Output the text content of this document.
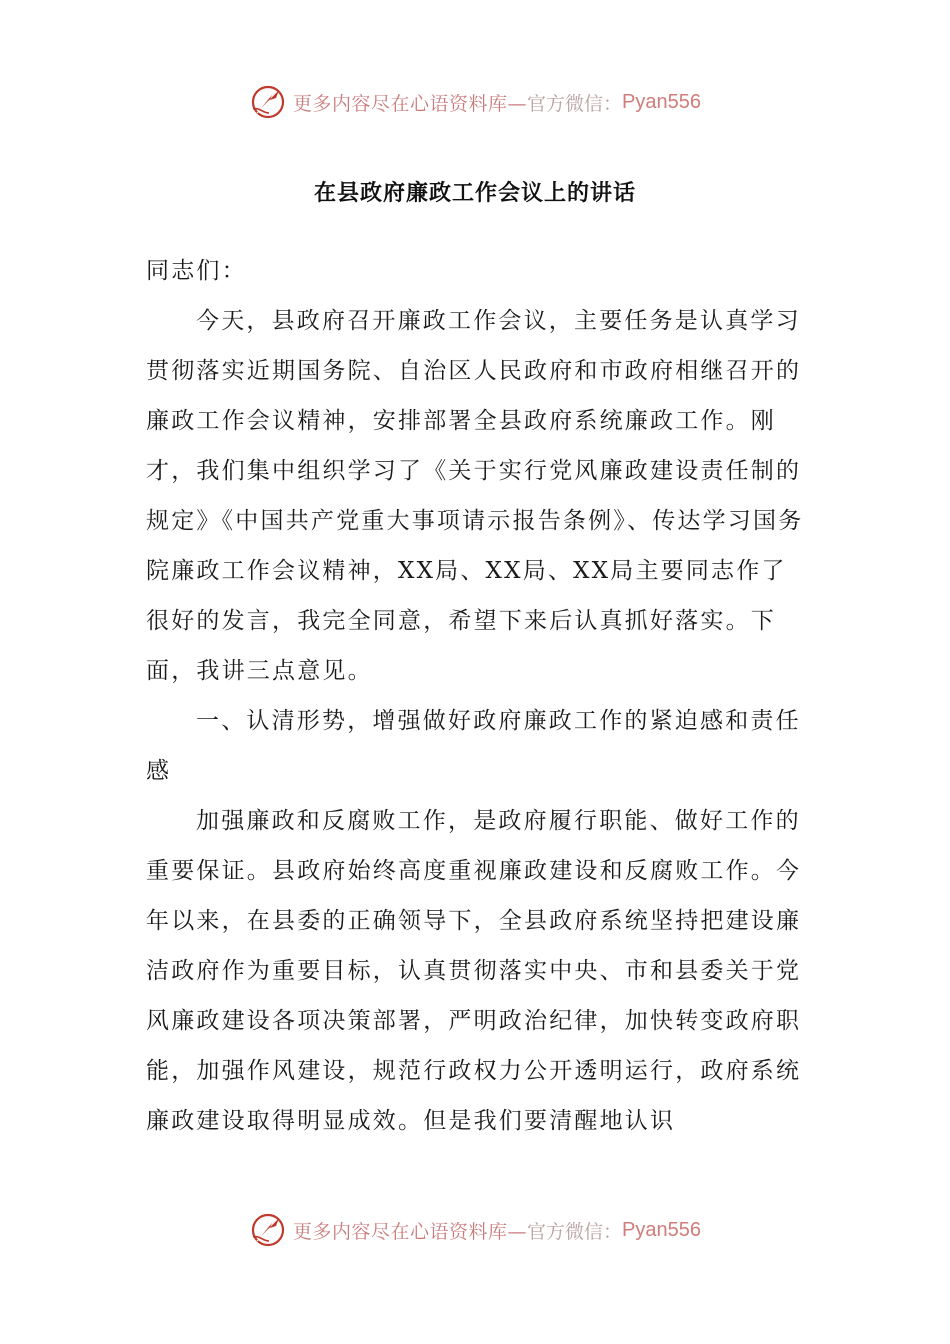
更多内容尽在心语资料库— 官方微信： Pyan556
在县政府廉政工作会议上的讲话

同志们：

今天，县政府召开廉政工作会议，主要任务是认真学习贯彻落实近期国务院、自治区人民政府和市政府相继召开的廉政工作会议精神，安排部署全县政府系统廉政工作。刚才，我们集中组织学习了《关于实行党风廉政建设责任制的规定》《中国共产党重大事项请示报告条例》、传达学习国务院廉政工作会议精神，XX局、XX局、XX局主要同志作了很好的发言，我完全同意，希望下来后认真抓好落实。下面，我讲三点意见。

一、认清形势，增强做好政府廉政工作的紧迫感和责任感

加强廉政和反腐败工作，是政府履行职能、做好工作的重要保证。县政府始终高度重视廉政建设和反腐败工作。今年以来，在县委的正确领导下，全县政府系统坚持把建设廉洁政府作为重要目标，认真贯彻落实中央、市和县委关于党风廉政建设各项决策部署，严明政治纪律，加快转变政府职能，加强作风建设，规范行政权力公开透明运行，政府系统廉政建设取得明显成效。但是我们要清醒地认识

更多内容尽在心语资料库— 官方微信： Pyan556
